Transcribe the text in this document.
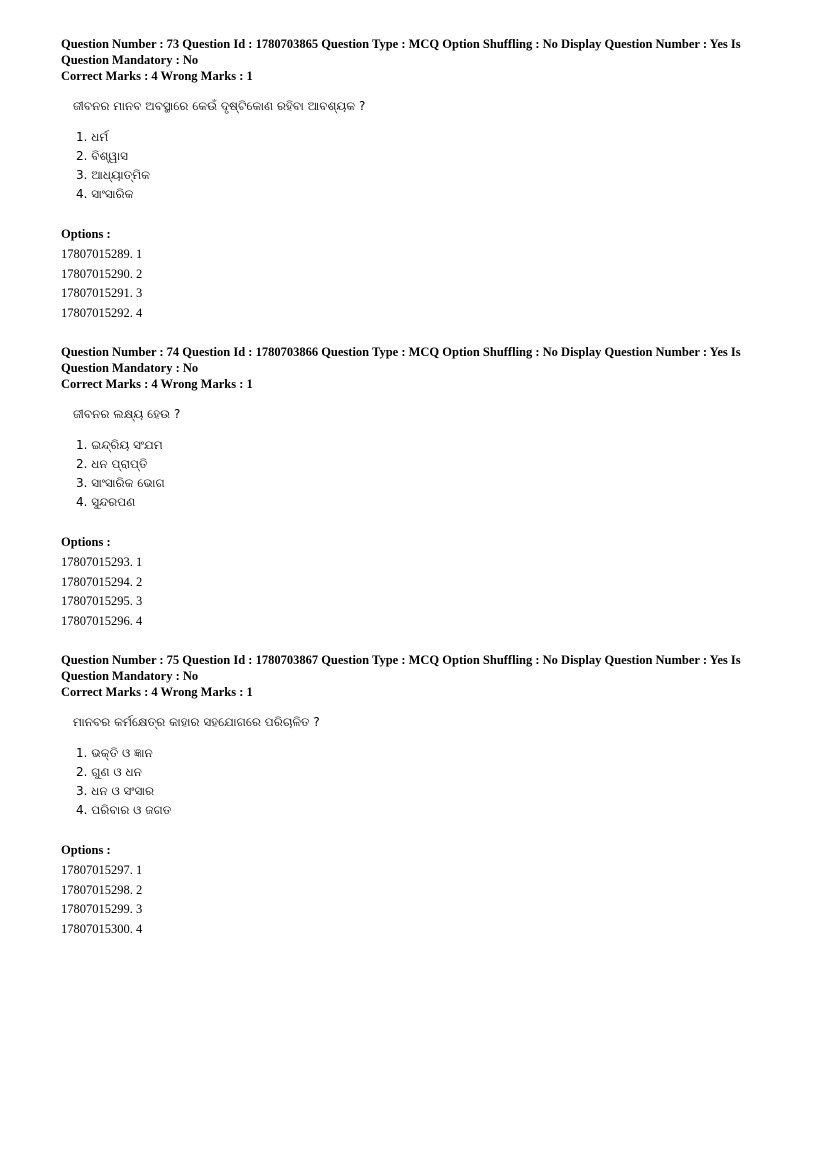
Question Number : 73 Question Id : 1780703865 Question Type : MCQ Option Shuffling : No Display Question Number : Yes Is
Question Mandatory : No
Correct Marks : 4 Wrong Marks : 1
ଜୀବନର ମାନବ ଅବସ୍ଥାରେ କେଉଁ ଦୃଷ୍ଟିକୋଣ ରହିବା ଆବଶ୍ୟକ ?
1. ଧର୍ମ
2. ବିଶ୍ୱାସ
3. ଆଧ୍ୟାତ୍ମିକ
4. ସାଂସାରିକ
Options :
17807015289. 1
17807015290. 2
17807015291. 3
17807015292. 4
Question Number : 74 Question Id : 1780703866 Question Type : MCQ Option Shuffling : No Display Question Number : Yes Is
Question Mandatory : No
Correct Marks : 4 Wrong Marks : 1
ଜୀବନର ଲକ୍ଷ୍ୟ ହେଉ ?
1. ଇନ୍ଦ୍ରିୟ ସଂଯମ
2. ଧନ ପ୍ରାପ୍ତି
3. ସାଂସାରିକ ଭୋଗ
4. ସୁନ୍ଦରପଣ
Options :
17807015293. 1
17807015294. 2
17807015295. 3
17807015296. 4
Question Number : 75 Question Id : 1780703867 Question Type : MCQ Option Shuffling : No Display Question Number : Yes Is
Question Mandatory : No
Correct Marks : 4 Wrong Marks : 1
ମାନବର କର୍ମକ୍ଷେତ୍ର କାହାର ସହଯୋଗରେ ପରିଚାଳିତ ?
1. ଭକ୍ତି ଓ ଜ୍ଞାନ
2. ଗୁଣ ଓ ଧନ
3. ଧନ ଓ ସଂସାର
4. ପରିବାର ଓ ଜଗତ
Options :
17807015297. 1
17807015298. 2
17807015299. 3
17807015300. 4
